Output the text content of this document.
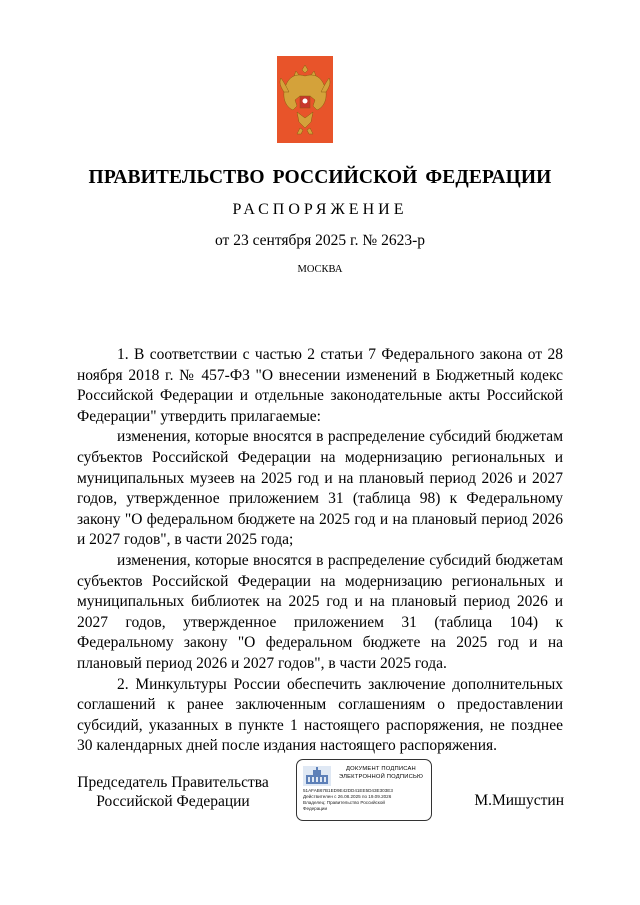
ПРАВИТЕЛЬСТВО РОССИЙСКОЙ ФЕДЕРАЦИИ
РАСПОРЯЖЕНИЕ
от 23 сентября 2025 г. № 2623-р
МОСКВА

1. В соответствии с частью 2 статьи 7 Федерального закона от 28 ноября 2018 г. № 457-ФЗ "О внесении изменений в Бюджетный кодекс Российской Федерации и отдельные законодательные акты Российской Федерации" утвердить прилагаемые:

изменения, которые вносятся в распределение субсидий бюджетам субъектов Российской Федерации на модернизацию региональных и муниципальных музеев на 2025 год и на плановый период 2026 и 2027 годов, утвержденное приложением 31 (таблица 98) к Федеральному закону "О федеральном бюджете на 2025 год и на плановый период 2026 и 2027 годов", в части 2025 года;

изменения, которые вносятся в распределение субсидий бюджетам субъектов Российской Федерации на модернизацию региональных и муниципальных библиотек на 2025 год и на плановый период 2026 и 2027 годов, утвержденное приложением 31 (таблица 104) к Федеральному закону "О федеральном бюджете на 2025 год и на плановый период 2026 и 2027 годов", в части 2025 года.

2. Минкультуры России обеспечить заключение дополнительных соглашений к ранее заключенным соглашениям о предоставлении субсидий, указанных в пункте 1 настоящего распоряжения, не позднее 30 календарных дней после издания настоящего распоряжения.

Председатель Правительства
Российской Федерации
ДОКУМЕНТ ПОДПИСАН
ЭЛЕКТРОННОЙ ПОДПИСЬЮ
51AFAB67B1ED9E42DD41EE5D43E303E3
Действителен с 26.08.2025 по 19.09.2026
Владелец: Правительство Российской
Федерации	М.Мишустин
